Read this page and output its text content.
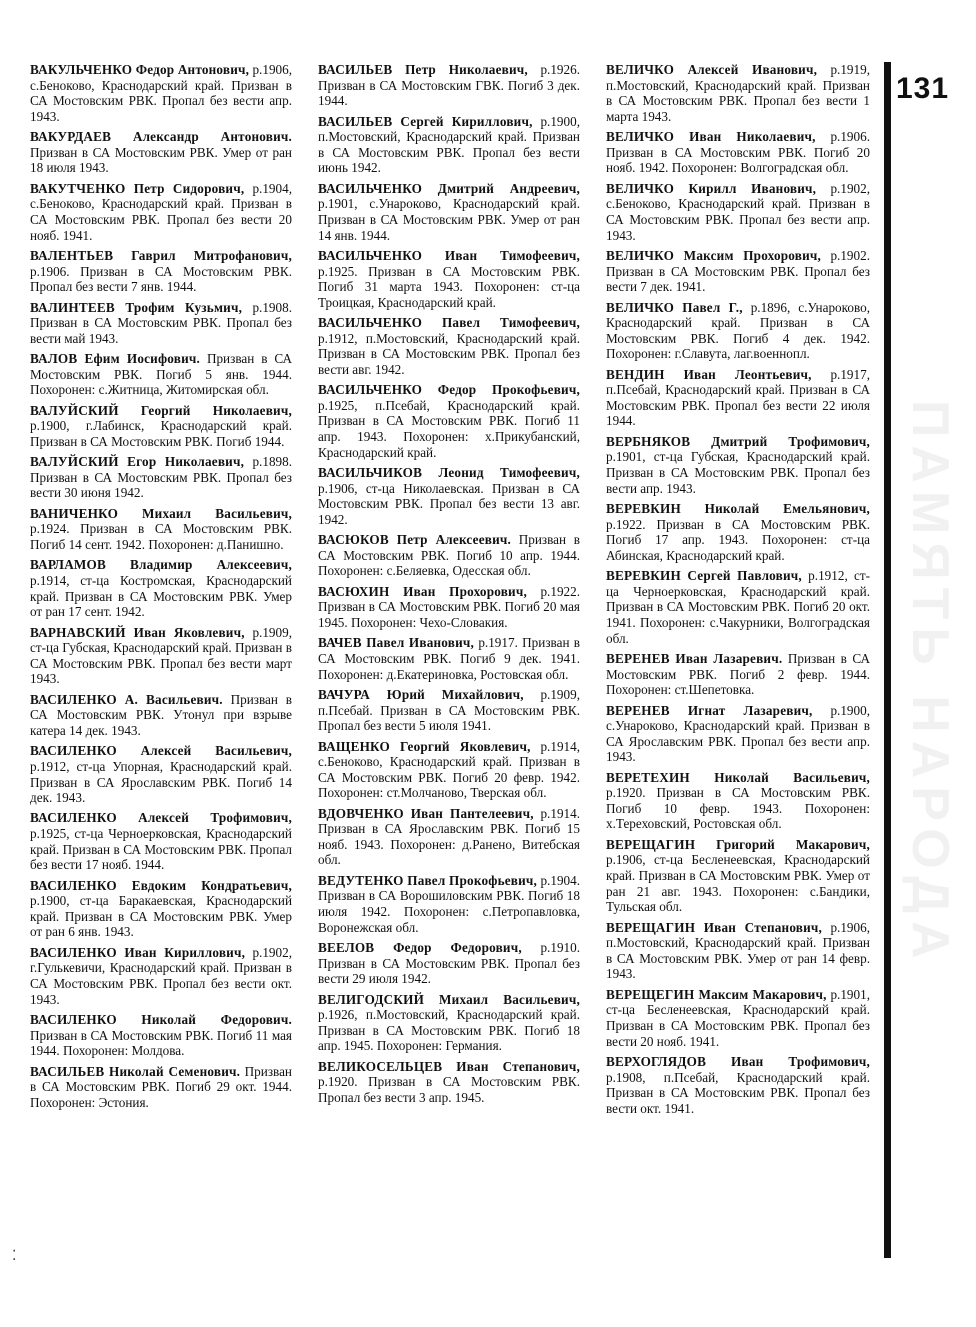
ВАКУЛЬЧЕНКО Федор Антонович, р.1906, с.Беноково, Краснодарский край. Призван в СА Мостовским РВК. Пропал без вести апр. 1943.

ВАКУРДАЕВ Александр Антонович. Призван в СА Мостовским РВК. Умер от ран 18 июля 1943.

ВАКУТЧЕНКО Петр Сидорович, р.1904, с.Беноково, Краснодарский край. Призван в СА Мостовским РВК. Пропал без вести 20 нояб. 1941.

ВАЛЕНТЬЕВ Гаврил Митрофанович, р.1906. Призван в СА Мостовским РВК. Пропал без вести 7 янв. 1944.

ВАЛИНТЕЕВ Трофим Кузьмич, р.1908. Призван в СА Мостовским РВК. Пропал без вести май 1943.

ВАЛОВ Ефим Иосифович. Призван в СА Мостовским РВК. Погиб 5 янв. 1944. Похоронен: с.Житница, Житомирская обл.

ВАЛУЙСКИЙ Георгий Николаевич, р.1900, г.Лабинск, Краснодарский край. Призван в СА Мостовским РВК. Погиб 1944.

ВАЛУЙСКИЙ Егор Николаевич, р.1898. Призван в СА Мостовским РВК. Пропал без вести 30 июня 1942.

ВАНИЧЕНКО Михаил Васильевич, р.1924. Призван в СА Мостовским РВК. Погиб 14 сент. 1942. Похоронен: д.Панишно.

ВАРЛАМОВ Владимир Алексеевич, р.1914, ст-ца Костромская, Краснодарский край. Призван в СА Мостовским РВК. Умер от ран 17 сент. 1942.

ВАРНАВСКИЙ Иван Яковлевич, р.1909, ст-ца Губская, Краснодарский край. Призван в СА Мостовским РВК. Пропал без вести март 1943.

ВАСИЛЕНКО А. Васильевич. Призван в СА Мостовским РВК. Утонул при взрыве катера 14 дек. 1943.

ВАСИЛЕНКО Алексей Васильевич, р.1912, ст-ца Упорная, Краснодарский край. Призван в СА Ярославским РВК. Погиб 14 дек. 1943.

ВАСИЛЕНКО Алексей Трофимович, р.1925, ст-ца Черноерковская, Краснодарский край. Призван в СА Мостовским РВК. Пропал без вести 17 нояб. 1944.

ВАСИЛЕНКО Евдоким Кондратьевич, р.1900, ст-ца Баракаевская, Краснодарский край. Призван в СА Мостовским РВК. Умер от ран 6 янв. 1943.

ВАСИЛЕНКО Иван Кириллович, р.1902, г.Гулькевичи, Краснодарский край. Призван в СА Мостовским РВК. Пропал без вести окт. 1943.

ВАСИЛЕНКО Николай Федорович. Призван в СА Мостовским РВК. Погиб 11 мая 1944. Похоронен: Молдова.

ВАСИЛЬЕВ Николай Семенович. Призван в СА Мостовским РВК. Погиб 29 окт. 1944. Похоронен: Эстония.

ВАСИЛЬЕВ Петр Николаевич, р.1926. Призван в СА Мостовским ГВК. Погиб 3 дек. 1944.

ВАСИЛЬЕВ Сергей Кириллович, р.1900, п.Мостовский, Краснодарский край. Призван в СА Мостовским РВК. Пропал без вести июнь 1942.

ВАСИЛЬЧЕНКО Дмитрий Андреевич, р.1901, с.Унароково, Краснодарский край. Призван в СА Мостовским РВК. Умер от ран 14 янв. 1944.

ВАСИЛЬЧЕНКО Иван Тимофеевич, р.1925. Призван в СА Мостовским РВК. Погиб 31 марта 1943. Похоронен: ст-ца Троицкая, Краснодарский край.

ВАСИЛЬЧЕНКО Павел Тимофеевич, р.1912, п.Мостовский, Краснодарский край. Призван в СА Мостовским РВК. Пропал без вести авг. 1942.

ВАСИЛЬЧЕНКО Федор Прокофьевич, р.1925, п.Псебай, Краснодарский край. Призван в СА Мостовским РВК. Погиб 11 апр. 1943. Похоронен: х.Прикубанский, Краснодарский край.

ВАСИЛЬЧИКОВ Леонид Тимофеевич, р.1906, ст-ца Николаевская. Призван в СА Мостовским РВК. Пропал без вести 13 авг. 1942.

ВАСЮКОВ Петр Алексеевич. Призван в СА Мостовским РВК. Погиб 10 апр. 1944. Похоронен: с.Беляевка, Одесская обл.

ВАСЮХИН Иван Прохорович, р.1922. Призван в СА Мостовским РВК. Погиб 20 мая 1945. Похоронен: Чехо-Словакия.

ВАЧЕВ Павел Иванович, р.1917. Призван в СА Мостовским РВК. Погиб 9 дек. 1941. Похоронен: д.Екатериновка, Ростовская обл.

ВАЧУРА Юрий Михайлович, р.1909, п.Псебай. Призван в СА Мостовским РВК. Пропал без вести 5 июля 1941.

ВАЩЕНКО Георгий Яковлевич, р.1914, с.Беноково, Краснодарский край. Призван в СА Мостовским РВК. Погиб 20 февр. 1942. Похоронен: ст.Молчаново, Тверская обл.

ВДОВЧЕНКО Иван Пантелеевич, р.1914. Призван в СА Ярославским РВК. Погиб 15 нояб. 1943. Похоронен: д.Ранено, Витебская обл.

ВЕДУТЕНКО Павел Прокофьевич, р.1904. Призван в СА Ворошиловским РВК. Погиб 18 июля 1942. Похоронен: с.Петропавловка, Воронежская обл.

ВЕЕЛОВ Федор Федорович, р.1910. Призван в СА Мостовским РВК. Пропал без вести 29 июля 1942.

ВЕЛИГОДСКИЙ Михаил Васильевич, р.1926, п.Мостовский, Краснодарский край. Призван в СА Мостовским РВК. Погиб 18 апр. 1945. Похоронен: Германия.

ВЕЛИКОСЕЛЬЦЕВ Иван Степанович, р.1920. Призван в СА Мостовским РВК. Пропал без вести 3 апр. 1945.

ВЕЛИЧКО Алексей Иванович, р.1919, п.Мостовский, Краснодарский край. Призван в СА Мостовским РВК. Пропал без вести 1 марта 1943.

ВЕЛИЧКО Иван Николаевич, р.1906. Призван в СА Мостовским РВК. Погиб 20 нояб. 1942. Похоронен: Волгоградская обл.

ВЕЛИЧКО Кирилл Иванович, р.1902, с.Беноково, Краснодарский край. Призван в СА Мостовским РВК. Пропал без вести апр. 1943.

ВЕЛИЧКО Максим Прохорович, р.1902. Призван в СА Мостовским РВК. Пропал без вести 7 дек. 1941.

ВЕЛИЧКО Павел Г., р.1896, с.Унароково, Краснодарский край. Призван в СА Мостовским РВК. Погиб 4 дек. 1942. Похоронен: г.Славута, лаг.военнопл.

ВЕНДИН Иван Леонтьевич, р.1917, п.Псебай, Краснодарский край. Призван в СА Мостовским РВК. Пропал без вести 22 июля 1944.

ВЕРБНЯКОВ Дмитрий Трофимович, р.1901, ст-ца Губская, Краснодарский край. Призван в СА Мостовским РВК. Пропал без вести апр. 1943.

ВЕРЕВКИН Николай Емельянович, р.1922. Призван в СА Мостовским РВК. Погиб 17 апр. 1943. Похоронен: ст-ца Абинская, Краснодарский край.

ВЕРЕВКИН Сергей Павлович, р.1912, ст-ца Черноерковская, Краснодарский край. Призван в СА Мостовским РВК. Погиб 20 окт. 1941. Похоронен: с.Чакурники, Волгоградская обл.

ВЕРЕНЕВ Иван Лазаревич. Призван в СА Мостовским РВК. Погиб 2 февр. 1944. Похоронен: ст.Шепетовка.

ВЕРЕНЕВ Игнат Лазаревич, р.1900, с.Унароково, Краснодарский край. Призван в СА Ярославским РВК. Пропал без вести апр. 1943.

ВЕРЕТЕХИН Николай Васильевич, р.1920. Призван в СА Мостовским РВК. Погиб 10 февр. 1943. Похоронен: х.Тереховский, Ростовская обл.

ВЕРЕЩАГИН Григорий Макарович, р.1906, ст-ца Бесленеевская, Краснодарский край. Призван в СА Мостовским РВК. Умер от ран 21 авг. 1943. Похоронен: с.Бандики, Тульская обл.

ВЕРЕЩАГИН Иван Степанович, р.1906, п.Мостовский, Краснодарский край. Призван в СА Мостовским РВК. Умер от ран 14 февр. 1943.

ВЕРЕЩЕГИН Максим Макарович, р.1901, ст-ца Бесленеевская, Краснодарский край. Призван в СА Мостовским РВК. Пропал без вести 20 нояб. 1941.

ВЕРХОГЛЯДОВ Иван Трофимович, р.1908, п.Псебай, Краснодарский край. Призван в СА Мостовским РВК. Пропал без вести окт. 1941.

131
ПАМЯТЬ НАРОДА
⁚
